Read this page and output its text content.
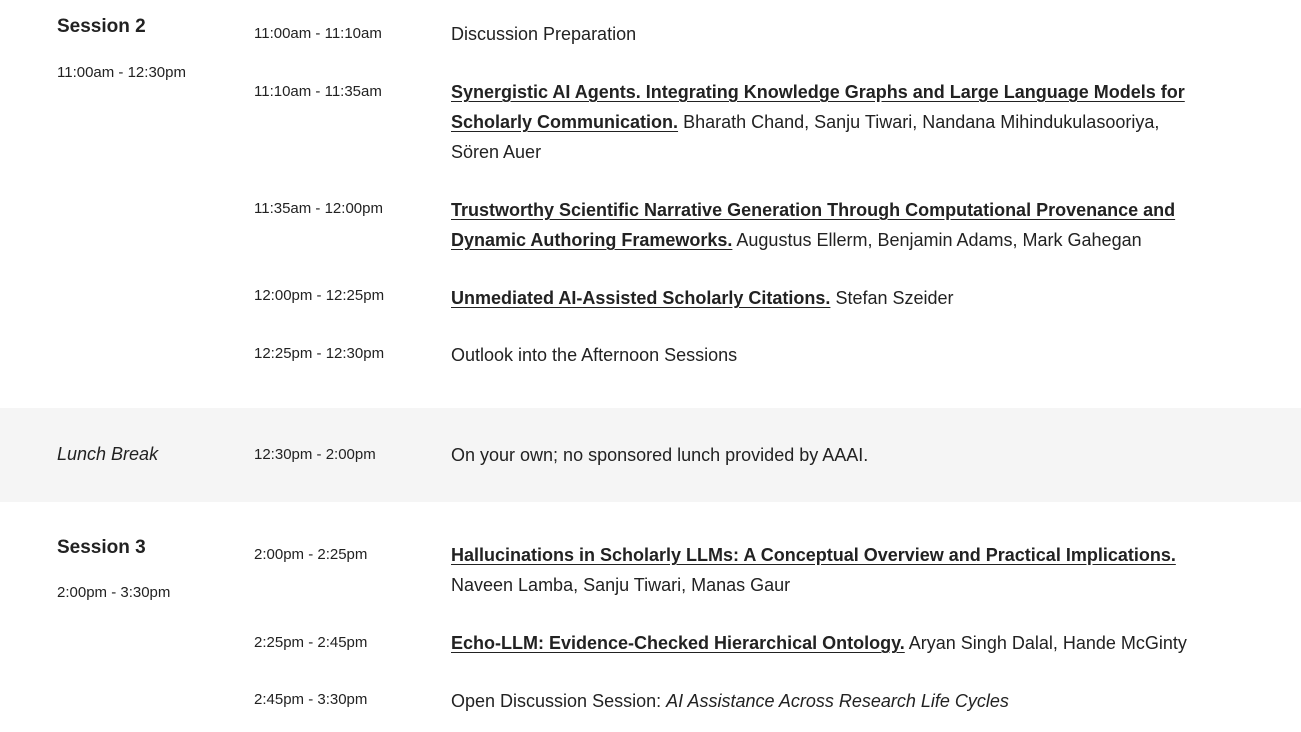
Session 2
11:00am - 12:30pm
11:00am - 11:10am	Discussion Preparation
11:10am - 11:35am	Synergistic AI Agents. Integrating Knowledge Graphs and Large Language Models for Scholarly Communication. Bharath Chand, Sanju Tiwari, Nandana Mihindukulasooriya, Sören Auer
11:35am - 12:00pm	Trustworthy Scientific Narrative Generation Through Computational Provenance and Dynamic Authoring Frameworks. Augustus Ellerm, Benjamin Adams, Mark Gahegan
12:00pm - 12:25pm	Unmediated AI-Assisted Scholarly Citations. Stefan Szeider
12:25pm - 12:30pm	Outlook into the Afternoon Sessions
Lunch Break	12:30pm - 2:00pm	On your own; no sponsored lunch provided by AAAI.
Session 3
2:00pm - 3:30pm
2:00pm - 2:25pm	Hallucinations in Scholarly LLMs: A Conceptual Overview and Practical Implications. Naveen Lamba, Sanju Tiwari, Manas Gaur
2:25pm - 2:45pm	Echo-LLM: Evidence-Checked Hierarchical Ontology. Aryan Singh Dalal, Hande McGinty
2:45pm - 3:30pm	Open Discussion Session: AI Assistance Across Research Life Cycles
